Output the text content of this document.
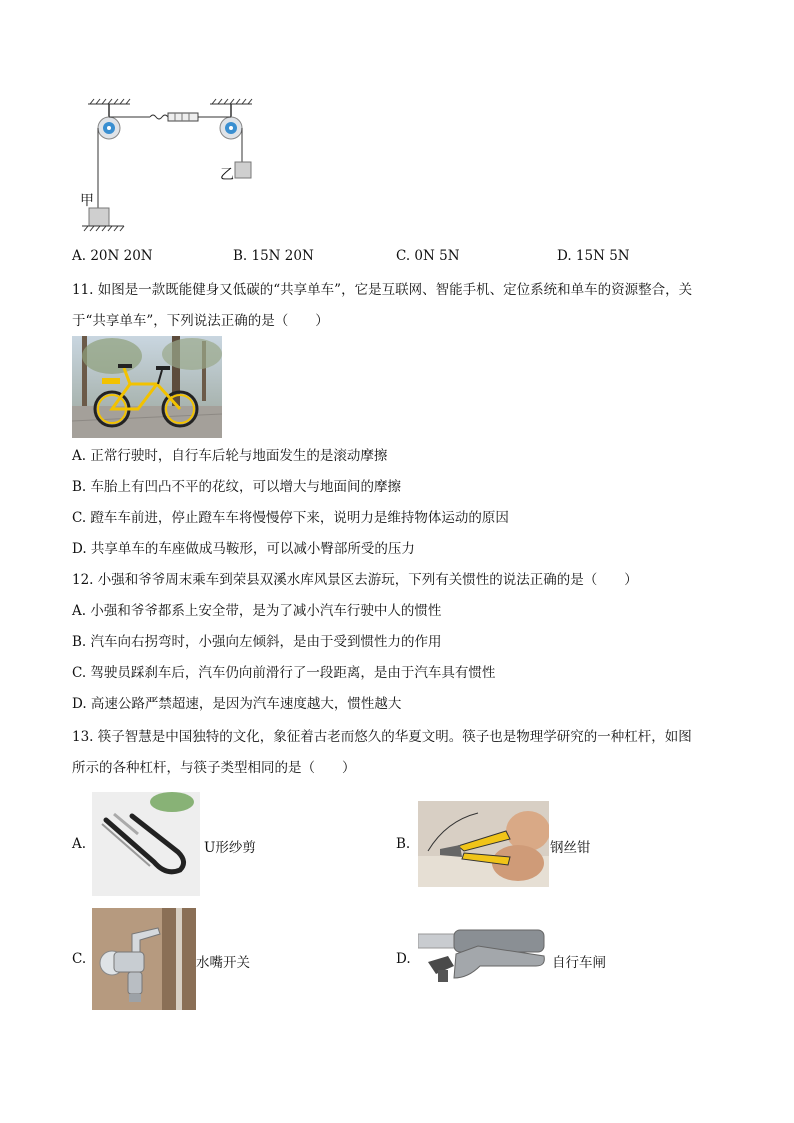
甲
乙
A. 20N 20N	B. 15N 20N	C. 0N 5N	D. 15N 5N
11. 如图是一款既能健身又低碳的“共享单车”，它是互联网、智能手机、定位系统和单车的资源整合，关
于“共享单车”，下列说法正确的是（　　）
A. 正常行驶时，自行车后轮与地面发生的是滚动摩擦
B. 车胎上有凹凸不平的花纹，可以增大与地面间的摩擦
C. 蹬车车前进，停止蹬车车将慢慢停下来，说明力是维持物体运动的原因
D. 共享单车的车座做成马鞍形，可以减小臀部所受的压力
12. 小强和爷爷周末乘车到荣县双溪水库风景区去游玩，下列有关惯性的说法正确的是（　　）
A. 小强和爷爷都系上安全带，是为了减小汽车行驶中人的惯性
B. 汽车向右拐弯时，小强向左倾斜，是由于受到惯性力的作用
C. 驾驶员踩刹车后，汽车仍向前滑行了一段距离，是由于汽车具有惯性
D. 高速公路严禁超速，是因为汽车速度越大，惯性越大
13. 筷子智慧是中国独特的文化，象征着古老而悠久的华夏文明。筷子也是物理学研究的一种杠杆，如图
所示的各种杠杆，与筷子类型相同的是（　　）
A.	U形纱剪	B.	钢丝钳
C.	水嘴开关	D.	自行车闸
